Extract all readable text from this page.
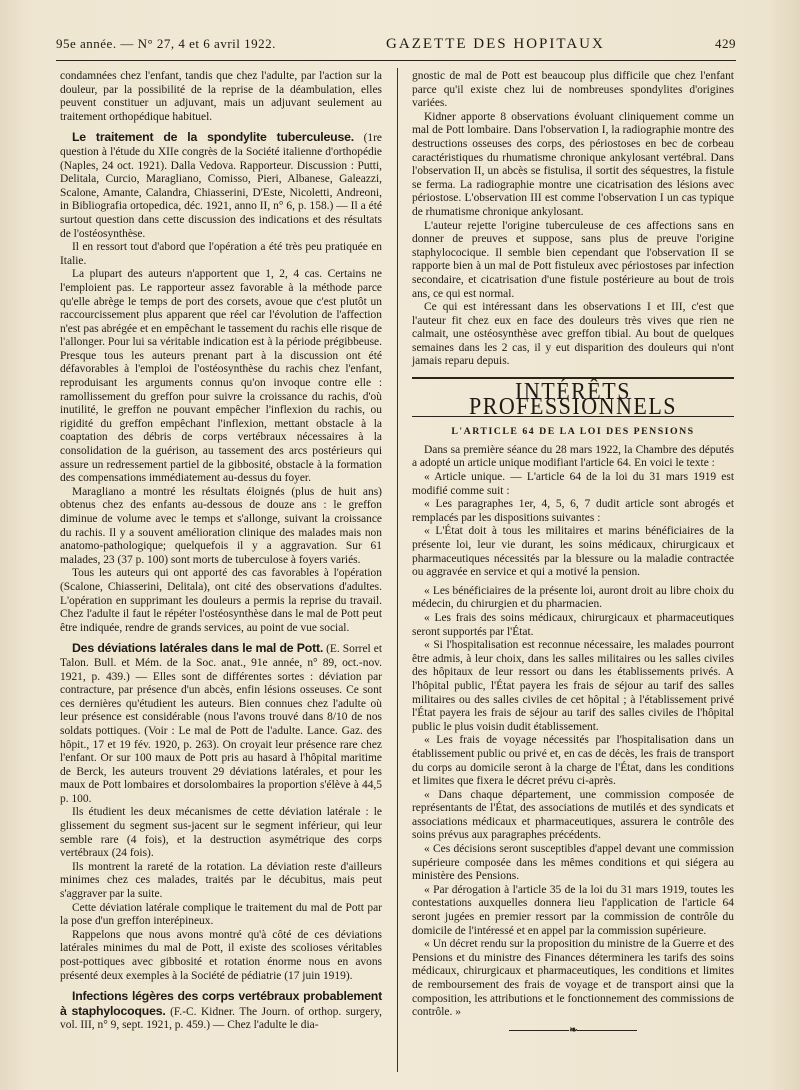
95e année. — N° 27, 4 et 6 avril 1922.	GAZETTE DES HOPITAUX	429

condamnées chez l'enfant, tandis que chez l'adulte, par l'action sur la douleur, par la possibilité de la reprise de la déambulation, elles peuvent constituer un adjuvant, mais un adjuvant seulement au traitement orthopédique habituel.

Le traitement de la spondylite tuberculeuse. (1re question à l'étude du XIIe congrès de la Société italienne d'orthopédie (Naples, 24 oct. 1921). Dalla Vedova. Rapporteur. Discussion : Putti, Delitala, Curcio, Maragliano, Comisso, Pieri, Albanese, Galeazzi, Scalone, Amante, Calandra, Chiasserini, D'Este, Nicoletti, Andreoni, in Bibliografia ortopedica, déc. 1921, anno II, n° 6, p. 158.) — Il a été surtout question dans cette discussion des indications et des résultats de l'ostéosynthèse.

Il en ressort tout d'abord que l'opération a été très peu pratiquée en Italie.

La plupart des auteurs n'apportent que 1, 2, 4 cas. Certains ne l'emploient pas. Le rapporteur assez favorable à la méthode parce qu'elle abrège le temps de port des corsets, avoue que c'est plutôt un raccourcissement plus apparent que réel car l'évolution de l'affection n'est pas abrégée et en empêchant le tassement du rachis elle risque de l'allonger. Pour lui sa véritable indication est à la période prégibbeuse. Presque tous les auteurs prenant part à la discussion ont été défavorables à l'emploi de l'ostéosynthèse du rachis chez l'enfant, reproduisant les arguments connus qu'on invoque contre elle : ramollissement du greffon pour suivre la croissance du rachis, d'où inutilité, le greffon ne pouvant empêcher l'inflexion du rachis, ou rigidité du greffon empêchant l'inflexion, mettant obstacle à la coaptation des débris de corps vertébraux nécessaires à la consolidation de la guérison, au tassement des arcs postérieurs qui assure un redressement partiel de la gibbosité, obstacle à la formation des compensations immédiatement au-dessus du foyer.

Maragliano a montré les résultats éloignés (plus de huit ans) obtenus chez des enfants au-dessous de douze ans : le greffon diminue de volume avec le temps et s'allonge, suivant la croissance du rachis. Il y a souvent amélioration clinique des malades mais non anatomo-pathologique; quelquefois il y a aggravation. Sur 61 malades, 23 (37 p. 100) sont morts de tuberculose à foyers variés.

Tous les auteurs qui ont apporté des cas favorables à l'opération (Scalone, Chiasserini, Delitala), ont cité des observations d'adultes. L'opération en supprimant les douleurs a permis la reprise du travail. Chez l'adulte il faut le répéter l'ostéosynthèse dans le mal de Pott peut être indiquée, rendre de grands services, au point de vue social.

Des déviations latérales dans le mal de Pott. (E. Sorrel et Talon. Bull. et Mém. de la Soc. anat., 91e année, n° 89, oct.-nov. 1921, p. 439.) — Elles sont de différentes sortes : déviation par contracture, par présence d'un abcès, enfin lésions osseuses. Ce sont ces dernières qu'étudient les auteurs. Bien connues chez l'adulte où leur présence est considérable (nous l'avons trouvé dans 8/10 de nos soldats pottiques. (Voir : Le mal de Pott de l'adulte. Lance. Gaz. des hôpit., 17 et 19 fév. 1920, p. 263). On croyait leur présence rare chez l'enfant. Or sur 100 maux de Pott pris au hasard à l'hôpital maritime de Berck, les auteurs trouvent 29 déviations latérales, et pour les maux de Pott lombaires et dorsolombaires la proportion s'élève à 44,5 p. 100.

Ils étudient les deux mécanismes de cette déviation latérale : le glissement du segment sus-jacent sur le segment inférieur, qui leur semble rare (4 fois), et la destruction asymétrique des corps vertébraux (24 fois).

Ils montrent la rareté de la rotation. La déviation reste d'ailleurs minimes chez ces malades, traités par le décubitus, mais peut s'aggraver par la suite.

Cette déviation latérale complique le traitement du mal de Pott par la pose d'un greffon interépineux.

Rappelons que nous avons montré qu'à côté de ces déviations latérales minimes du mal de Pott, il existe des scolioses véritables post-pottiques avec gibbosité et rotation énorme nous en avons présenté deux exemples à la Société de pédiatrie (17 juin 1919).

Infections légères des corps vertébraux probablement à staphylocoques. (F.-C. Kidner. The Journ. of orthop. surgery, vol. III, n° 9, sept. 1921, p. 459.) — Chez l'adulte le dia-

gnostic de mal de Pott est beaucoup plus difficile que chez l'enfant parce qu'il existe chez lui de nombreuses spondylites d'origines variées.

Kidner apporte 8 observations évoluant cliniquement comme un mal de Pott lombaire. Dans l'observation I, la radiographie montre des destructions osseuses des corps, des périostoses en bec de corbeau caractéristiques du rhumatisme chronique ankylosant vertébral. Dans l'observation II, un abcès se fistulisa, il sortit des séquestres, la fistule se ferma. La radiographie montre une cicatrisation des lésions avec périostose. L'observation III est comme l'observation I un cas typique de rhumatisme chronique ankylosant.

L'auteur rejette l'origine tuberculeuse de ces affections sans en donner de preuves et suppose, sans plus de preuve l'origine staphylococique. Il semble bien cependant que l'observation II se rapporte bien à un mal de Pott fistuleux avec périostoses par infection secondaire, et cicatrisation d'une fistule postérieure au bout de trois ans, ce qui est normal.

Ce qui est intéressant dans les observations I et III, c'est que l'auteur fit chez eux en face des douleurs très vives que rien ne calmait, une ostéosynthèse avec greffon tibial. Au bout de quelques semaines dans les 2 cas, il y eut disparition des douleurs qui n'ont jamais reparu depuis.

INTÉRÊTS PROFESSIONNELS
L'ARTICLE 64 DE LA LOI DES PENSIONS

Dans sa première séance du 28 mars 1922, la Chambre des députés a adopté un article unique modifiant l'article 64. En voici le texte :

« Article unique. — L'article 64 de la loi du 31 mars 1919 est modifié comme suit :

« Les paragraphes 1er, 4, 5, 6, 7 dudit article sont abrogés et remplacés par les dispositions suivantes :

« L'État doit à tous les militaires et marins bénéficiaires de la présente loi, leur vie durant, les soins médicaux, chirurgicaux et pharmaceutiques nécessités par la blessure ou la maladie contractée ou aggravée en service et qui a motivé la pension.

« Les bénéficiaires de la présente loi, auront droit au libre choix du médecin, du chirurgien et du pharmacien.

« Les frais des soins médicaux, chirurgicaux et pharmaceutiques seront supportés par l'État.

« Si l'hospitalisation est reconnue nécessaire, les malades pourront être admis, à leur choix, dans les salles militaires ou les salles civiles des hôpitaux de leur ressort ou dans les établissements privés. A l'hôpital public, l'État payera les frais de séjour au tarif des salles militaires ou des salles civiles de cet hôpital ; à l'établissement privé l'État payera les frais de séjour au tarif des salles civiles de l'hôpital public le plus voisin dudit établissement.

« Les frais de voyage nécessités par l'hospitalisation dans un établissement public ou privé et, en cas de décès, les frais de transport du corps au domicile seront à la charge de l'État, dans les conditions et limites que fixera le décret prévu ci-après.

« Dans chaque département, une commission composée de représentants de l'État, des associations de mutilés et des syndicats et associations médicaux et pharmaceutiques, assurera le contrôle des soins prévus aux paragraphes précédents.

« Ces décisions seront susceptibles d'appel devant une commission supérieure composée dans les mêmes conditions et qui siégera au ministère des Pensions.

« Par dérogation à l'article 35 de la loi du 31 mars 1919, toutes les contestations auxquelles donnera lieu l'application de l'article 64 seront jugées en premier ressort par la commission de contrôle du domicile de l'intéressé et en appel par la commission supérieure.

« Un décret rendu sur la proposition du ministre de la Guerre et des Pensions et du ministre des Finances déterminera les tarifs des soins médicaux, chirurgicaux et pharmaceutiques, les conditions et limites de remboursement des frais de voyage et de transport ainsi que la composition, les attributions et le fonctionnement des commissions de contrôle. »

❧
